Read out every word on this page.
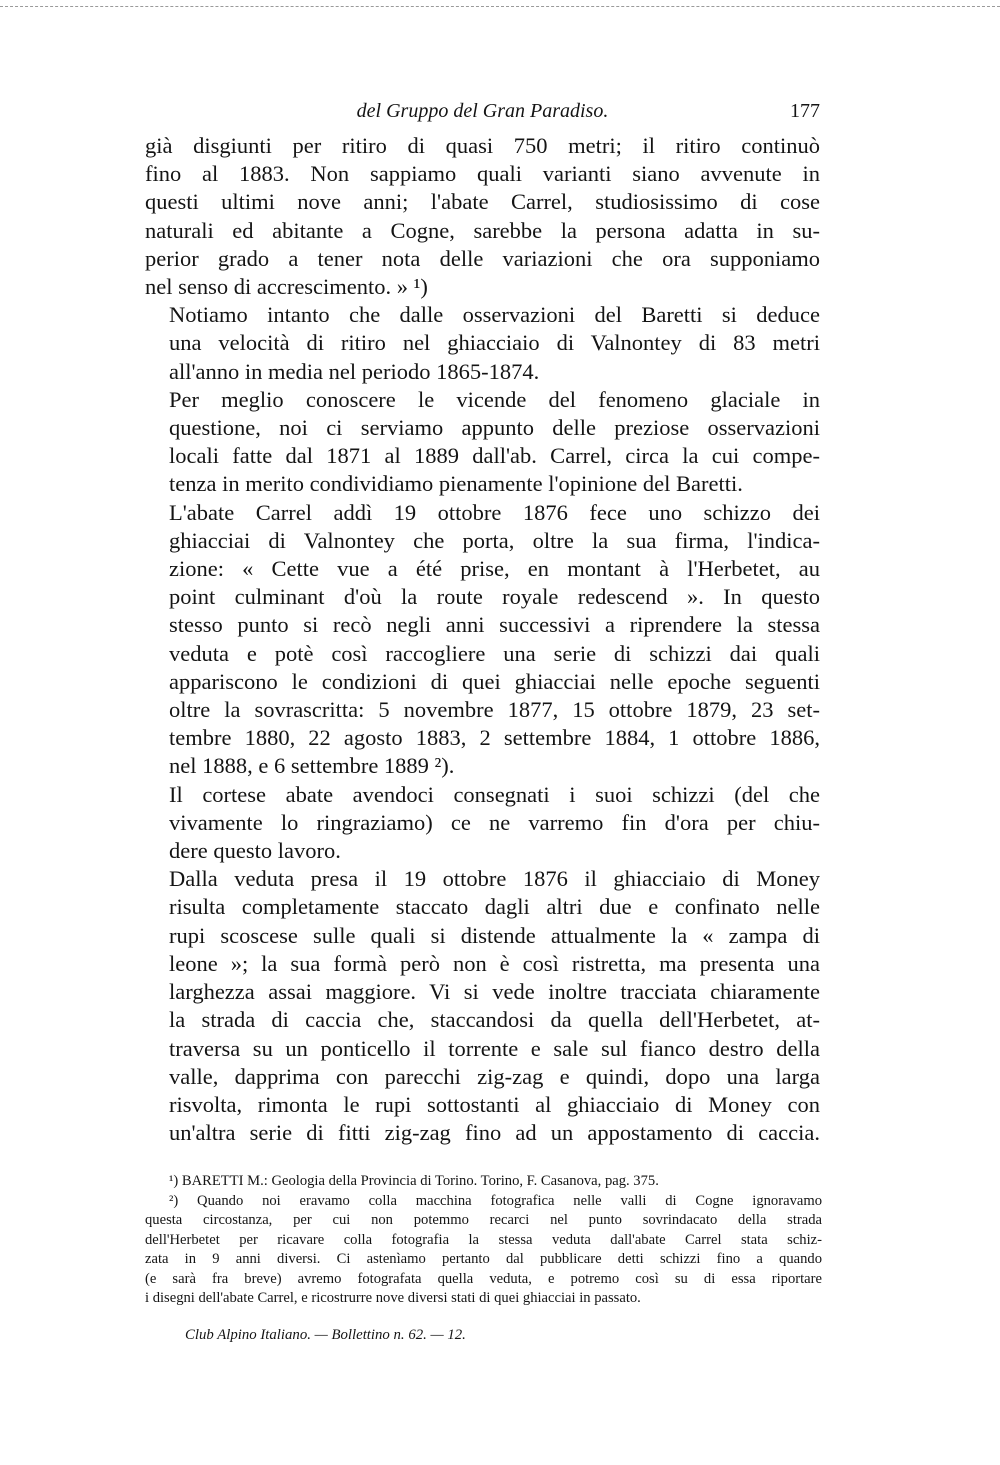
del Gruppo del Gran Paradiso.	177

già disgiunti per ritiro di quasi 750 metri; il ritiro continuò
fino al 1883. Non sappiamo quali varianti siano avvenute in
questi ultimi nove anni; l'abate Carrel, studiosissimo di cose
naturali ed abitante a Cogne, sarebbe la persona adatta in su-
perior grado a tener nota delle variazioni che ora supponiamo
nel senso di accrescimento. » ¹)

Notiamo intanto che dalle osservazioni del Baretti si deduce
una velocità di ritiro nel ghiacciaio di Valnontey di 83 metri
all'anno in media nel periodo 1865-1874.

Per meglio conoscere le vicende del fenomeno glaciale in
questione, noi ci serviamo appunto delle preziose osservazioni
locali fatte dal 1871 al 1889 dall'ab. Carrel, circa la cui compe-
tenza in merito condividiamo pienamente l'opinione del Baretti.

L'abate Carrel addì 19 ottobre 1876 fece uno schizzo dei
ghiacciai di Valnontey che porta, oltre la sua firma, l'indica-
zione: « Cette vue a été prise, en montant à l'Herbetet, au
point culminant d'où la route royale redescend ». In questo
stesso punto si recò negli anni successivi a riprendere la stessa
veduta e potè così raccogliere una serie di schizzi dai quali
appariscono le condizioni di quei ghiacciai nelle epoche seguenti
oltre la sovrascritta: 5 novembre 1877, 15 ottobre 1879, 23 set-
tembre 1880, 22 agosto 1883, 2 settembre 1884, 1 ottobre 1886,
nel 1888, e 6 settembre 1889 ²).

Il cortese abate avendoci consegnati i suoi schizzi (del che
vivamente lo ringraziamo) ce ne varremo fin d'ora per chiu-
dere questo lavoro.

Dalla veduta presa il 19 ottobre 1876 il ghiacciaio di Money
risulta completamente staccato dagli altri due e confinato nelle
rupi scoscese sulle quali si distende attualmente la « zampa di
leone »; la sua formà però non è così ristretta, ma presenta una
larghezza assai maggiore. Vi si vede inoltre tracciata chiaramente
la strada di caccia che, staccandosi da quella dell'Herbetet, at-
traversa su un ponticello il torrente e sale sul fianco destro della
valle, dapprima con parecchi zig-zag e quindi, dopo una larga
risvolta, rimonta le rupi sottostanti al ghiacciaio di Money con
un'altra serie di fitti zig-zag fino ad un appostamento di caccia.

¹) BARETTI M.: Geologia della Provincia di Torino. Torino, F. Casanova, pag. 375.
²) Quando noi eravamo colla macchina fotografica nelle valli di Cogne ignoravamo
questa circostanza, per cui non potemmo recarci nel punto sovrindacato della strada
dell'Herbetet per ricavare colla fotografia la stessa veduta dall'abate Carrel stata schiz-
zata in 9 anni diversi. Ci astenìamo pertanto dal pubblicare detti schizzi fino a quando
(e sarà fra breve) avremo fotografata quella veduta, e potremo così su di essa riportare
i disegni dell'abate Carrel, e ricostrurre nove diversi stati di quei ghiacciai in passato.
Club Alpino Italiano. — Bollettino n. 62. — 12.
